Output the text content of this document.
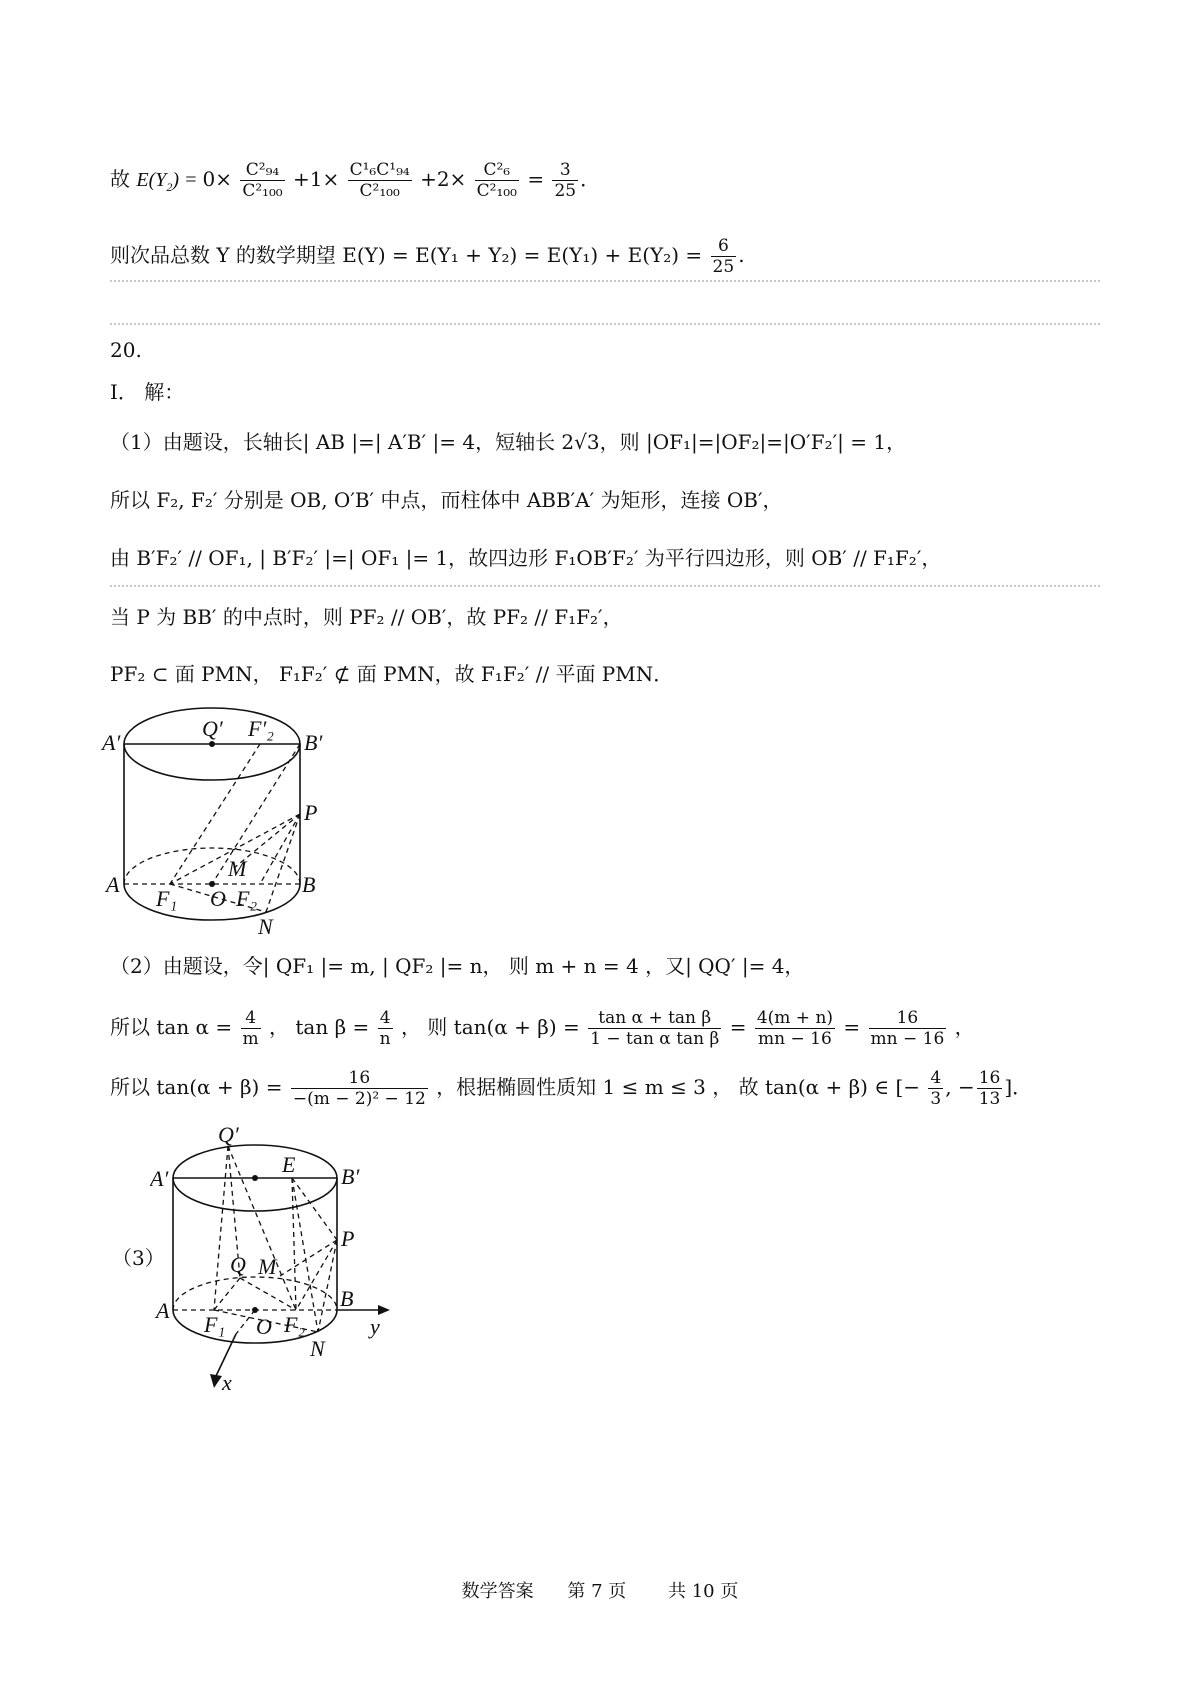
故 $E(Y_2) = 0\times \frac{\text{C²₉₄}}{\text{C²₁₀₀}} +1\times \frac{\text{C¹₆C¹₉₄}}{\text{C²₁₀₀}} +2\times \frac{\text{C²₆}}{\text{C²₁₀₀}} = \frac{3}{25}$ ．
则次品总数 Y 的数学期望 $E(Y) = E(Y_1 + Y_2) = E(Y_1) + E(Y_2) = \frac{6}{25}$ .
20.
Ⅰ． 解：
（1）由题设，长轴长| AB |=| A′B′ |= 4，短轴长 2√3，则 |OF₁|=|OF₂|=|O′F₂′| = 1，
所以 F₂, F₂′ 分别是 OB, O′B′ 中点，而柱体中 ABB′A′ 为矩形，连接 OB′，
由 B′F₂′ // OF₁, | B′F₂′ |=| OF₁ |= 1，故四边形 F₁OB′F₂′ 为平行四边形，则 OB′ // F₁F₂′，
当 P 为 BB′ 的中点时，则 PF₂ // OB′，故 PF₂ // F₁F₂′，
PF₂ ⊂ 面 PMN， F₁F₂′ ⊄ 面 PMN，故 F₁F₂′ // 平面 PMN．
A′
Q′ F′₂
B′
P
M
A
F₁ O F₂
B
N
（2）由题设，令| QF₁ |= m, | QF₂ |= n， 则 m + n = 4 ，又| QQ′ |= 4，
所以 $\tan \alpha = \frac{4}{m}$ ， $\tan \beta = \frac{4}{n}$ ， 则 $\tan(\alpha + \beta) = \frac{\text{tan α + tan β}}{\text{1 − tan α tan β}} = \frac{4(m + n)}{mn - 16} = \frac{16}{mn - 16}$ ，
所以 $\tan(\alpha + \beta) = \frac{16}{\text{−(m − 2)² − 12}}$ ，根据椭圆性质知 1 ≤ m ≤ 3 ， 故 tan(α + β) ∈ [− $\frac{4}{3}$ , − $\frac{16}{13}$ ]．
（3）
Q′
A′
E B′
P
Q M
A	B
F₁ O F₂	y
N
x
数学答案 第 7 页 共 10 页
